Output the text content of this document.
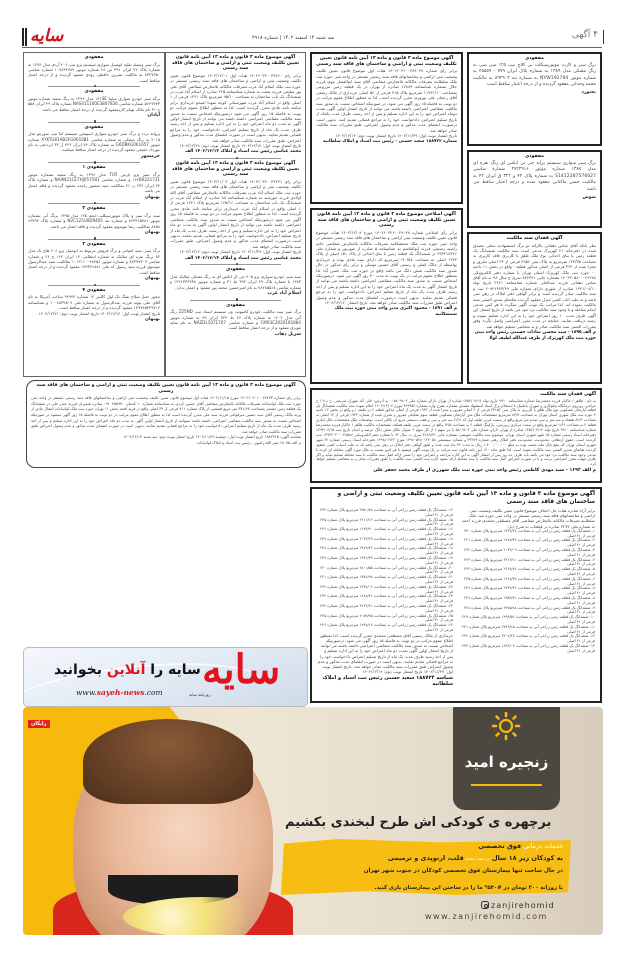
سایه	سه شنبه ۱۴ اسفند ۱۴۰۲ | شماره ۴۹۱۸	۴ آگهی
مفقودی
برگ سبز و کارت موتورسیکلت بی کلاچ تیپ ۱۲۵ سی سی به رنگ مشکی مدل ۱۳۸۹ به شماره پلاک ایران ۷۷۹ - ۴۵۵۵۹ به شماره موتور NYW192794 به شماره تنه ۸۹۲۹۰۳ به مالکیت محمد وحدانی مفقود گردیده و از درجه اعتبار ساقط است.
بجنورد
مفقودی
برگ سبز سواری سیستم پراید جی تی ایکس ای رنگ نقره ای مدل ۱۳۸۷ شماره موتور ۲۷۲۲۹۱۶ شماره شاسی S1412287576027 به شماره پلاک ۴۲ و ۳۲۲ ق ایران ۴۲ به مالکیت حسن ماکنانی مفقود شده و درجه اعتبار ساقط می باشد.
شوش
آگهی فقدان سند مالکیت
نظر بانکه آقای عباس دهقانی بالارائه دو برگ استشهادیه محلی مصدق شده در دفترخانه ۲۱ کهریزک مدعی است سند مالکیت ششدانگ یک قطعه زمین با بنای احداثی نوع ملک طلق با کاربری فاقد کاربری به مساحت ۱۳۴/۳۵ مترمربع به پلاک ثبتی ۴۹۵۶ فرعی از ۲۳ اصلی مفروز و مجزا شده از ۳۶۴ فرعی از اصلی مذکور قطعه - واقع در بخش ۱۱ ناحیه ۰۰ حوزه ثبت ملک کهریزک استان تهران با شماره دفتر الکترونیکی ۱۴۰۲۲۰۵۸۰۰۰۲۶۲۸۸ بشماره چاپی ۸۴۲۳۷۱ سری ج سال ۹۸ به نام آقای عباس دهقانی فرزند عبدالعلی شماره شناسنامه ۲۲۶۱ تاریخ تولد ۱۳۴۱/۰۸/۱۰ صادره از شهری دارای شماره ملی ۲۰۹۲۲۴۷۳/۴۹ ثبت و سند مالکیت صادر گردیده است و برابر گواهی دفتر املاک در رهن نمی باشد و به علت اثاث کشی منزل مفقود گردیده تقاضای صدور المثنی سند مالکیت نموده اند. لذا مراتب یک نوبت آگهی میگردد تا هر کس مدعی انجام معامله و یا وجود سند مالکیت نزد خود می باشد از تاریخ انتشار این آگهی ظرف مدت ۱۰ روز اعتراض خود را به این اداره تسلیم نموده و رسید دریافت نمایند. چنانچه در مدت مقرر اعتراضی واصل نگردد وفق مقررات المثنی سند مالکیت صادر و به متقاضی تسلیم خواهد شد.
م الف ۱۸۹۵ - سید محسن سادات حسینی رئیس واحد ثبتی حوزه ثبت ملک کهریزک از طرف عبدالله لطیف لولا
آگهی موضوع ماده ۳ قانون و ماده ۱۳ آیین نامه قانون تعیین تکلیف وضعیت ثبتی و اراضی و ساختمان های فاقد سند رسمی
برابر رأی شماره ۱۴۰۲۶۰۳۱۰۰۳۸۴۰۴۷ هیات اول موضوع قانون تعیین تکلیف وضعیت ثبتی اراضی و ساختمانهای فاقد سند رسمی مستقر در واحد ثبتی حوزه ثبت ملک سلطانیه تصرفات مالکانه بلامعارض متقاضی آقای سید ابوالفضل نبوی فرزند جلال بشماره شناسنامه ۱۷۸۸۹ صادره از تهران در یک قطعه زمین مزروعی بمساحت ۱۱۷۳۱/۱۰ مترمربع پلاک ۳۱۵ فرعی از ۵۲ اصلی خریداری از مالک رسمی آقای رحمان علی نوروزی محرز گردیده است. لذا به منظور اطلاع عموم مراتب در دو نوبت به فاصله ۱۵ روز آگهی می شود. در صورتیکه اشخاص نسبت به صدور سند مالکیت متقاضی اعتراضی داشته باشند می توانند از تاریخ انتشار اولین آگهی بمدت دوماه اعتراض خود را به این اداره تسلیم و پس از اخذ رسید، ظرف مدت یکماه از تاریخ تسلیم اعتراض، دادخواست خود را به مراجع قضائی تقدیم کنند. بدیهی است درصورت انقضای مدت مذکور و عدم وصول اعتراض، طبق مقررات سند مالکیت صادر خواهد شد.
تاریخ انتشار نوبت اول: ۱۴۰۲/۱۱/۲۹ تاریخ انتشار نوبت دوم: ۱۴۰۲/۱۲/۱۴
شماره ۱۸۸۷۲۲ سعید حسنی - رئیس ثبت اسناد و املاک سلطانیه
آگهی اصلاحی موضوع ماده ۳ قانون و ماده ۱۳ آیین نامه قانون تعیین تکلیف وضعیت ثبتی و اراضی و ساختمان های فاقد سند رسمی
برابر رأی اصلاحی شماره ۱۴۰۲۶۰۳۲۶۰۰۲۹۰۴۸ مورخ ۱۴۰۲/۱۲/۰۸ هیات موضوع قانون تعیین تکلیف وضعیت ثبتی اراضی و ساختمان های فاقد سند رسمی مستقر در واحد ثبتی حوزه ثبت ملک شمشکانیه تصرفات مالکانه بلامعارض متقاضی خانم راضیه رستمی فرزند ابوالقاسم به شناسنامه ۵ صادره از شهریور و شماره ملی ۲۹۳۲۱۸۴۶۶ در ششدانگ یک قطعه زمین با بنای احداثی از پلاک ۱۵۱ اصلی از پلاک ۱۲۷۳ اصلی به مساحت ۱۴۰/۵۸ مترمربع که دارای سند عادی بوده و خریداری بواسطه از مالک اصلی و رسمی آقای حسین توسلی و برابر رأی مذکور در حال صدور سند مالکیت شش دانگ می باشد واقع در حوزه ثبت ملک حسن آباد لذا بمنظور اطلاع عموم مراتب در یک نوبت به مدت ۳۰ روز آگهی می شود. درصورتیکه اشخاص نسبت به صدور سند مالکیت متقاضی اعتراضی داشته باشند می توانند از تاریخ انتشار آگهی به مدت یک ماه اعتراض خود را به این اداره تسلیم و پس از اخذ رسید ظرف مدت یک ماه از تاریخ تسلیم اعتراض، دادخواست خود را به مرجع قضائی تقدیم نمایند. بدیهی است درصورت انقضای مدت مذکور و عدم وصول اعتراض طبق مقررات سند مالکیت صادر خواهد شد. تاریخ انتشار: ۱۴۰۲/۱۲/۱۴
م الف ۱۸۹۱ - محمود اکبری مدیر واحد ثبتی حوزه ثبت ملک شمشکانیه
آگهی فقدان سند مالکیت
به نام - ظاهر / خاکیار فرزند محمدرضا شماره شناسنامه ۹۹۱۰ تاریخ تولد ۱۳۵۲/۰۴/۱۴ صادره از تهران دارای شماره ملی ۰۰۵۸۰۹۸۰۳ به آدرس: خلی آباد شهرک شریعتی، خ پ۳ / ج جراغی، روبروی درمانگاه نیکوکاری و شهرک باتکنیک با استعلام برگ اسناد استشهاد مصدق بشماره بشرح واژه بشماره ۹۴۳۹۵۲ مورخ ۱۴۰۲/۱۲/۰۳ اعلام نموده سند مالکیت ششدانگ یک قطعه آپارتمان مسکونی نوع ملک طلق با کاربری به پلاک ثبتی ۲۳۱۵۲ فرعی از ۴ اصلی مفروز و مجزا شده از ۱۹۴۲ فرعی از اصلی مذکور قطعه ۲ در طبقه ۱ و واقع در بخش ۱۲ ناحیه ۴ حوزه ثبت ملک شهری استان تهران به مساحت ۸۴/۳ مترمربع مشخصات ملک متن آپارتمان مسکونی قطعه سوم تفکیکی مفروز و مجری شده از شماره ۱۹۳۳ فرعی از ۱۲ اصلی به مساحت ۸۲/۳ هشتاد و سه متر و سی صدم متر مربع واقع در سمت غربی طبقه اول که ۲/۲۸ سه متر و سی و هفت دسیمتر مربع آن بالکن است. توضیحات ملک مشخصات ملک انباری قطعه ۲ به مساحت ۱/۶۶ مترمربع واقع در سمت مرکزی زیرزمین، پارکینگ قطعه ۴ به مساحت ۱۳/۵ واقع در سمت غربی طبقه همکف مشخصات مالکیت ظاهر / خاکیار فرزند محمدرضا شماره شناسنامه ۹۹۱۰ تاریخ تولد ۱۳۵۲/۰۴/۱۴ صادره از تهران دارای شماره ملی ۵۸۰۹۸۰۳ با جز سهم ۶ از کل سهم ۶ بعنوان مالک شش دانگ عرصه و اعیان تاریخ ثبت ۱۳۹۴/۰۶/۱۵ دفترخانه اسناد رسمی شماره ۱۵ شهر شهری استان تهران. موضوع سند مالکیت تعویضی بشماره چاپی ۳۶۸۹/۳۶ سری ب سال ۹۲ با شماره دفتر الکترونیکی ۱۳۹۲۲۰۲۰۰۰۳۸۵۸۷ ثبت گردیده است. حقوق ارتفاقی، محدودیت، محدودیت دفتر املاک رهنی شماره ۲۹۲۷۳ و شماره سیستمی ۱۳۹۸۰۵۲۸۰۱۴۲۰۵۸ مورخ ۱۳۹۸/۰۲/۲۲ دفترخانه اسناد رسمی شماره ۲۲ شهر شهری استان تهران که بنفع بانک ملت شعبه بوده به مبلغ ۱,۴۰۰,۰۰۰,۰۰۰ ریال به مدت ۳۲ ماه ثبت شده و طبق گواهی دفتر املاک در رهن نمی باشد که به علت اسباب کشی مفقود گردیده تقاضای صدور المثنی سند مالکیت نموده است. لذا طبق ماده ۱۲۰ آیین نامه قانون ثبت مراتب در یک نوبت آگهی میشود تا هر کس نسبت به ملک مورد آگهی معامله ای کرده یا مدعی وجود سند مالکیت نزد خود می باشد باید ظرف ده روز پس از انتشار آگهی به این اداره مراجعه و اعتراض خود را ضمن ارائه اصل سند مالکیت با سند معامله تسلیم نماید و اگر ظرف مهلت مقرر اعتراضی نرسد و یا در صورت اعتراض اصل سند مالکیت یا سند معامله ارائه نشود اداره ثبت المثنی سند مالکیت را طبق مقررات صادر و به متقاضی تسلیم خواهد کرد.
م الف ۱۶۹۳ - سید مهدی کاظمی رئیس واحد ثبتی حوزه ثبت ملک شهرری از طرف محمد جعفر علی
آگهی موضوع ماده ۳ قانون و ماده ۱۳ آیین نامه قانون تعیین تکلیف وضعیت ثبتی و اراضی و ساختمان های فاقد سند رسمی
برابر آراء صادره هیات حل اختلاف موضوع قانون تعیین تکلیف وضعیت ثبتی اراضی و ساختمانهای فاقد سند رسمی مستقر در واحد ثبتی حوزه ثبت ملک سلطانیه تصرفات مالکانه بلامعارض متقاضی آقای مصطفی محمدی فرزند احمد به شماره ملی ۲۲۷۲ صادره در قطعات به شرح ذیل:
۱- ششدانگ یک قطعه زمین زراعی آبی به مساحت ۱۴۲۷/۲۷ مترمربع پلاک شماره ۲۳۰ فرعی از ۴۱ اصلی
۲- ششدانگ یک قطعه زمین زراعی آبی به مساحت ۱۷۸۷/۴۲ مترمربع پلاک شماره ۲۲۱ فرعی از ۴۱ اصلی
۳- ششدانگ یک قطعه زمین زراعی آبی به مساحت ۲۰۴۴/۰۹ مترمربع پلاک شماره ۲۲۲ فرعی از ۴۱ اصلی
۴- ششدانگ یک قطعه زمین زراعی آبی به مساحت ۳۲۱۳/۱۱ مترمربع پلاک شماره ۲۲۳ فرعی از ۴۱ اصلی
۵- ششدانگ یک قطعه زمین زراعی آبی به مساحت ۲۶۶۷/۸۲ مترمربع پلاک شماره ۲۲۴ فرعی از ۴۱ اصلی
۶- ششدانگ یک قطعه زمین زراعی آبی به مساحت ۱۴۶۸/۴۷ مترمربع پلاک شماره ۲۲۵ فرعی از ۴۱ اصلی
۷- ششدانگ یک قطعه زمین زراعی آبی به مساحت ۲۷۹۲/۳۶ مترمربع پلاک شماره ۲۲۶ فرعی از ۴۱ اصلی
۸- ششدانگ یک قطعه زمین زراعی آبی به مساحت ۱۹۵۳/۲۱ مترمربع پلاک شماره ۲۲۷ فرعی از ۴۱ اصلی
۹- ششدانگ یک قطعه زمین زراعی آبی به مساحت ۲۳۷۵/۸۸ مترمربع پلاک شماره ۲۲۸ فرعی از ۴۱ اصلی
۱۰- ششدانگ یک قطعه زمین زراعی آبی به مساحت ۱۲۹۹/۵۶ مترمربع پلاک شماره ۲۲۹ فرعی از ۴۱ اصلی
۱۱- ششدانگ یک قطعه زمین زراعی آبی به مساحت ۲۷۴۹/۱۵ مترمربع پلاک شماره ۲۳۱ فرعی از ۴۱ اصلی
۱۲- ششدانگ یک قطعه زمین زراعی آبی به مساحت ۳۲۰۸/۴۴ مترمربع پلاک شماره ۲۳۲ فرعی از ۴۱ اصلی
۱۳- ششدانگ یک قطعه زمین زراعی آبی به مساحت ۱۸۲۹/۰۳ مترمربع پلاک شماره ۲۳۳ فرعی از ۴۱ اصلی
۱۴- ششدانگ یک قطعه زمین زراعی آبی به مساحت ۲۹۵۰/۷۸ مترمربع پلاک شماره ۲۳۴ فرعی از ۴۱ اصلی
۱۵- ششدانگ یک قطعه زمین زراعی آبی به مساحت ۲۲۱۶/۱۲ مترمربع پلاک شماره ۲۳۵ فرعی از ۴۱ اصلی
۱۶- ششدانگ یک قطعه زمین زراعی آبی به مساحت ۱۶۷۴/۳۰ مترمربع پلاک شماره ۲۳۶ فرعی از ۴۱ اصلی
۱۷- ششدانگ یک قطعه زمین زراعی آبی به مساحت ۳۰۳۳/۶۹ مترمربع پلاک شماره ۲۳۷ فرعی از ۴۱ اصلی
۱۸- ششدانگ یک قطعه زمین زراعی آبی به مساحت ۲۴۸۹/۷۲ مترمربع پلاک شماره ۲۳۸ فرعی از ۴۱ اصلی
۱۹- ششدانگ یک قطعه زمین زراعی آبی به مساحت ۱۹۴۶/۳۳ مترمربع پلاک شماره ۲۳۹ فرعی از ۴۱ اصلی
۲۰- ششدانگ یک قطعه زمین زراعی آبی به مساحت ۲۸۰۱/۵۵ مترمربع پلاک شماره ۲۴۰ فرعی از ۴۱ اصلی
۲۱- ششدانگ یک قطعه زمین زراعی آبی به مساحت ۱۳۵۶/۹۸ مترمربع پلاک شماره ۲۴۱ فرعی از ۴۱ اصلی
۲۲- ششدانگ یک قطعه زمین زراعی آبی به مساحت ۲۲۹۷/۰۴ مترمربع پلاک شماره ۲۴۲ فرعی از ۴۱ اصلی
۲۳- ششدانگ یک قطعه زمین زراعی آبی به مساحت ۱۶۸۸/۴۶ مترمربع پلاک شماره ۲۴۳ فرعی از ۴۱ اصلی
۲۴- ششدانگ یک قطعه زمین زراعی آبی به مساحت ۳۱۲۲/۶۱ مترمربع پلاک شماره ۲۴۴ فرعی از ۴۱ اصلی
۲۵- ششدانگ یک قطعه زمین زراعی آبی به مساحت ۲۰۵۹/۹۵ مترمربع پلاک شماره ۲۴۵ فرعی از ۴۱ اصلی
۲۶- ششدانگ یک قطعه زمین زراعی آبی به مساحت ۱۷۹۸/۱۴ مترمربع پلاک شماره ۲۴۶ فرعی از ۴۱ اصلی
خریداری از مالک رسمی آقای مصطفی محمدی محرز گردیده است. لذا بمنظور اطلاع عموم مراتب در دو نوبت به فاصله ۱۵ روز آگهی می شود. درصورتیکه اشخاص نسبت به صدور سند مالکیت متقاضی اعتراضی داشته باشند می توانند از تاریخ انتشار اولین آگهی بمدت دو ماه اعتراض خود را به این اداره تسلیم و پس از اخذ رسید ظرف مدت یک ماه از تاریخ تسلیم اعتراض دادخواست خود را به مراجع قضائی تقدیم نمایند. بدیهی است در صورت انقضای مدت مذکور و عدم وصول اعتراض طبق مقررات سند مالکیت صادر خواهد شد. تاریخ انتشار نوبت اول: ۱۴۰۲/۱۱/۲۹ تاریخ انتشار نوبت دوم: ۱۴۰۲/۱۲/۱۴
شناسه ۱۸۸۷۲۴ سعید حسنی رئیس ثبت اسناد و املاک سلطانیه
آگهی موضوع ماده ۳ قانون و ماده ۱۳ آیین نامه قانون تعیین تکلیف وضعیت ثبتی و اراضی و ساختمان های فاقد سند رسمی
برابر رای ۱۴۰۲۶۰۳۴۰۰۳۴۸۶۰ هیات اول ۱۴۰۲/۱۲/۰۱ موضوع قانون تعیین تکلیف وضعیت ثبتی و اراضی و ساختمان های فاقد سند رسمی مستقر در حوزه ثبت ملک اسلام آباد غرب تصرفات مالکانه بلامعارض متقاضی آقای علی پور سلیمی فرزند نعمت به شماره شناسنامه ۲۲۵ صادره از اسلام آباد غرب در ششدانگ یک باب ساختمان به مساحت ۹۵/۱۰ مترمربع پلاک ۱۲۴۱ فرعی از ۱ اصلی واقع در اسلام آباد غرب شهرستانی کوچه شهدا ابتیحو خریداری برابر مبایعه نامه عادی محرز گردیده است. لذا به منظور اطلاع عموم مراتب دو نوبت به فاصله ۱۵ روز آگهی می شود درصورتیکه اشخاص نسبت به صدور سند مالکیت متقاضی اعتراضی داشته باشند می توانند از تاریخ انتشار اولین آگهی به مدت دو ماه اعتراض خود را به این اداره تسلیم و پس از اخذ رسید ظرف مدت یک ماه از تاریخ تسلیم اعتراض، دادخواست خود را به مراجع قضایی تقدیم نمایند. بدیهی است در صورت انقضای مدت مذکور و عدم وصول اعتراض، طبق مقررات سند مالکیت صادر خواهد شد.
تاریخ انتشار نوبت اول: ۱۴۰۲/۱۲/۱۴ تاریخ انتشار نوبت دوم: ۱۴۰۲/۱۲/۲۸
محمد عباسی رئیس ثبت اسناد و املاک ۱۴۰۲/۱۲/۱۴ الف
آگهی موضوع ماده ۳ قانون و ماده ۱۳ آیین نامه قانون تعیین تکلیف وضعیت ثبتی و اراضی و ساختمان های فاقد سند رسمی
برابر رای ۱۴۰۲۶۰۳۴۰۰۳۴۲۲۱ هیات اول ۱۴۰۲/۱۱/۰۴ موضوع قانون تعیین تکلیف وضعیت ثبتی و اراضی و ساختمان های فاقد سند رسمی مستقر در حوزه ثبت ملک اسلام آباد غرب تصرفات مالکانه بلامعارض متقاضی آقای الله اولادی فرزند خورشید به شماره شناسنامه ۸۸ صادره از اسلام آباد غرب در ششدانگ یک باب ساختمان به مساحت ۱۶۵/۱۶ مترمربع پلاک ۱۲۴۱ فرعی از ۱ اصلی واقع در اسلام آباد غرب خریداری برابر مبایعه نامه عادی محرز گردیده است. لذا به منظور اطلاع عموم مراتب در دو نوبت به فاصله ۱۵ روز آگهی می شود درصورتیکه اشخاص نسبت به صدور سند مالکیت متقاضی اعتراضی داشته باشند می توانند از تاریخ انتشار اولین آگهی به مدت دو ماه اعتراض خود را به این اداره تسلیم و پس از اخذ رسید، ظرف مدت یک ماه از تاریخ تسلیم اعتراض، دادخواست خود را به مراجع قضایی تقدیم نمایند. بدیهی است درصورت انقضای مدت مذکور و عدم وصول اعتراض، طبق مقررات سند مالکیت صادر خواهد شد.
تاریخ انتشار نوبت اول: ۱۴۰۲/۱۱/۲۹ تاریخ انتشار نوبت دوم: ۱۴۰۲/۱۲/۱۴
محمد عباسی رئیس ثبت اسناد و املاک ۱۴۰۲/۱۲/۱۴ الف
مفقودی
سند سبز خودرو سواری پژو ۴۰۵ جی ال ایکس آی به رنگ مشکی متالیک مدل ۱۳۸۳ با شماره پلاک ۲۹ ایران ۳۹۴ ط ۳۱ و شماره موتور ۱۲۴۶۳۳۳۶۳۸ و شماره شاسی ۷۸۲۸۵۵۱۸ به نام امیرحسین محمد پور مفقود و اعتبار ندارد.
اسلام آباد غرب
مفقودی
برگ سبز سند مالکیت خودرو کامیونت ون سیستم ایساد تیپ Z25ND رنگ آبی مدل ۱۴۰۲ به شماره پلاک ۴۷ ط ۷۲۲ ایران ۲۹ به شماره موتور CM03C2020181884 و شماره شاسی NAZDL1071707 به نام سایه غویزی مفقود و از درجه اعتبار ساقط است.
سرپل ذهاب
مفقودی
برگ سبز وسیله نقلیه اتومبیل سواری سیستم پژو تیپ ۲۰۶ آردی مدل ۱۳۸۳ به شماره پلاک ۲۲ ایران ۳۹۱ ص ۴۸ شماره موتور ۱۰۹۸۳۲۷۸۷ شماره شاسی ۸۳۲۷۳۵۰ به مالکیت نسرین حافظی رودی مفقود گردیده و از درجه اعتبار ساقط است.
مفقودی
برگه سبز خودرو سواری سایپا ۱۳۱SE مدل ۱۳۹۲ به رنگ سفید شماره موتور ۵۶۴۷۴۳۳ شماره شاسی NAS411100E3807836 شماره پلاک ۲۹ ایران ۵۵۸ ج ۳۱ نام مالک بهنام کاریمفقود گردیده از درجه اعتبار ساقط می باشد.
آبادان
مفقودی
پروانه تردد و برگ سبز خودرو سواری اسپیشن سیستم کیا تیپ سورنتو مدل ۲۰۱۵ به رنگ مشکی به شماره شاسی XYKTU81AB2FG061081 شماره موتور G6DBKG061657 به شماره پلاک ۴۴ ایران ۴۴۲ ل ۳۲ ایردنجی به نام مهرداد حقیقی مفقود گردیده از درجه اعتبار ساقط میباشد.
خرمشهر
مفقودی ۱
برگ سبز پژو پارس TU5 مدل ۱۳۹۶ به رنگ سفید بشماره موتور ۱۶۴B0221731 و شماره شاسی NAAN21CE7HJ057581 و شماره پلاک ۲۴ ایران ۲۷۲ ن ۴۱ بمالکیت سید منصور رابنده مفقود گردیده و فاقد اعتبار می باشد.
بهبهان
مفقودی ۲
سند برگ سبز و پلاک موتورسیکلت انجم ۱۲۵ مدل ۱۳۹۵ برنگ آبی بشماره موتور ۸۲۳۳۱۵۷۸۱ و شماره تنه N2C125U0D9405 و شماره پلاک ۶۳۷۹۴ ۸۷۵۸ بمالکیت رضا موسوی مفقود گردیده و فاقد اعتبار می باشد.
بهبهان
مفقودی ۳
برگ سبز، سند کمپانی و برگ فروش مربوط به اتومبیل پژو ۲۰۶ هاچ بک مدل ۸۳ برنگ نقره ای متالیک به شماره انتظامی ۱۴ ایران ۱۶۲ ج ۲۶ و شماره شاسی ۸۲۳۹۷۳۰۹ و شماره موتور ۱۰۱۳۱۱۰۰۴۸۴۵۶ بمالکیت سید عبدالرسول موسوی فرزند سید رسول کد ملی ۱۹۹۳۷۱۸۸۱ مفقود گردیده و از درجه اعتبار ساقط است.
بهبهان
مفقودی ۴
مجوز حمل سلاح تفنگ تک لول کالیبر ۱۲ شماره ۹۴۹۷۳ ساخت آمریکا به نام آقای علی پیوند فرزند عبدالرسول به شماره ملی ۱۰۰۸۸۳۲۵۰۹ و شناسنامه ۱۲۹۷۴۵۳۳۹۷۱۴ مفقود گردیده و از درجه اعتبار ساقط است.
تاریخ انتشار نوبت اول: ۱۴۰۲/۱۲/۱۴ تاریخ انتشار نوبت دوم: ۱۴۰۲/۱۲/۲۱
بهبهان
آگهی موضوع ماده ۳ قانون و ماده ۱۳ آیین نامه قانون تعیین تکلیف وضعیت ثبتی و اراضی و ساختمان های فاقد سند رسمی
برابر رای شماره ۱۴۰۲۶۰۳۰۱۰۰۲۸۴۷۳ مورخ ۱۴۰۲/۱۱/۱۵ هیات اول موضوع قانون تعیین تکلیف وضعیت ثبتی اراضی و ساختمانهای فاقد سند رسمی مستقر در واحد ثبتی حوزه ثبت ملک لواسانات تصرفات مالکانه بلامعارض متقاضی آقای حسین کردی به شناسنامه شماره ۱۰ کدملی ۰۹۱۰۴۵۵۹۷۰ صادره شمیران فرزند حیدر علی در ششدانگ یک قطعه زمین مشجر بمساحت ۳۷۱/۶۷ متر مربع قسمتی از پلاک شماره ۷۱۱ فرعی از ۳۹ اصلی واقع در قریه افجه بخش ۱۱ تهران حوزه ثبت ملک لواسانات انتقال عادی از ورثه مالک رسمی آقای سید حسین میرقوامی فرزند سید علی محرز گردیده است لذا به منظور اطلاع عموم مراتب در دو نوبت به فاصله ۱۵ روز آگهی میشود در صورتیکه اشخاص نسبت به صدور سند مالکیت متقاضی اعتراضی داشته باشند میتوانند از تاریخ انتشار اولین آگهی به مدت دو ماه اعتراض خود را به این اداره تسلیم و پس از اخذ رسید ظرف مدت یک ماه از تاریخ تسلیم اعتراض دادخواست خود را به مراجع قضایی تقدیم نمایند. بدیهی است در صورت انقضای مدت مذکور و عدم وصول اعتراض طبق مقررات سند مالکیت صادر خواهد شد.
شناسه آگهی: ۱۸۸۲۳۶۵ تاریخ انتشار نوبت اول: دوشنبه ۱۴۰۲/۱۱/۲۹ تاریخ انتشار نوبت دوم: سه شنبه ۱۴۰۲/۱۲/۱۴
م الف ۱۸۰۷۵ نصر الله رامپور - رئیس ثبت اسناد و املاک لواسانات
سایه
روزنامه سایه
سایه را آنلاین بخوانید
www.sayeh-news.com
رایگان
زنجیره امید
برچهره ی کودکی اش طرح لبخندی بکشیم
خدمات درمانی فوق تخصصی
به کودکان زیر ۱۸ سال در سه رشته قلب، ارتوپدی و ترمیمی
در حال ساخت تنها بیمارستان فوق تخصصی کودکان در جنوب شهر تهران
با روزانه ۳۰۰ تومان در #۵۴۰* ما را در ساختن این بیمارستان یاری کنید.
zanjirehomid
www.zanjirehomid.com
